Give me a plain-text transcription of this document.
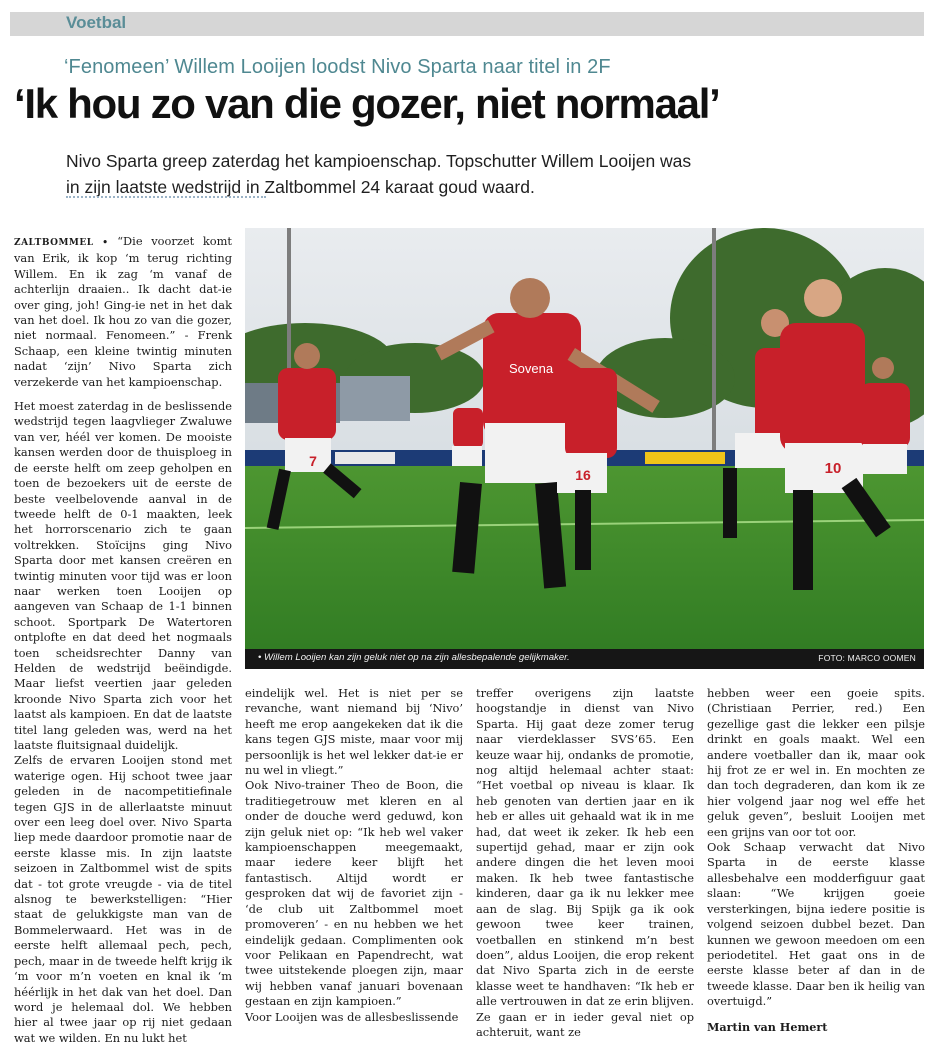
Voetbal
‘Fenomeen’ Willem Looijen loodst Nivo Sparta naar titel in 2F
‘Ik hou zo van die gozer, niet normaal’
Nivo Sparta greep zaterdag het kampioenschap. Topschutter Willem Looijen was in zijn laatste wedstrijd in Zaltbommel 24 karaat goud waard.

ZALTBOMMEL • “Die voorzet komt van Erik, ik kop ‘m terug richting Willem. En ik zag ‘m vanaf de achterlijn draaien.. Ik dacht dat-ie over ging, joh! Ging-ie net in het dak van het doel. Ik hou zo van die gozer, niet normaal. Fenomeen.” - Frenk Schaap, een kleine twintig minuten nadat ‘zijn’ Nivo Sparta zich verzekerde van het kampioenschap.

Het moest zaterdag in de beslissende wedstrijd tegen laagvlieger Zwaluwe van ver, héél ver komen. De mooiste kansen werden door de thuisploeg in de eerste helft om zeep geholpen en toen de bezoekers uit de eerste de beste veelbelovende aanval in de tweede helft de 0-1 maakten, leek het horrorscenario zich te gaan voltrekken. Stoïcijns ging Nivo Sparta door met kansen creëren en twintig minuten voor tijd was er loon naar werken toen Looijen op aangeven van Schaap de 1-1 binnen schoot. Sportpark De Watertoren ontplofte en dat deed het nogmaals toen scheidsrechter Danny van Helden de wedstrijd beëindigde. Maar liefst veertien jaar geleden kroonde Nivo Sparta zich voor het laatst als kampioen. En dat de laatste titel lang geleden was, werd na het laatste fluitsignaal duidelijk.

Zelfs de ervaren Looijen stond met waterige ogen. Hij schoot twee jaar geleden in de nacompetitiefinale tegen GJS in de allerlaatste minuut over een leeg doel over. Nivo Sparta liep mede daardoor promotie naar de eerste klasse mis. In zijn laatste seizoen in Zaltbommel wist de spits dat - tot grote vreugde - via de titel alsnog te bewerkstelligen: “Hier staat de gelukkigste man van de Bommelerwaard. Het was in de eerste helft allemaal pech, pech, pech, maar in de tweede helft krijg ik ‘m voor m’n voeten en knal ik ‘m héérlijk in het dak van het doel. Dan word je helemaal dol. We hebben hier al twee jaar op rij niet gedaan wat we wilden. En nu lukt het

Sovena
7
16	10
• Willem Looijen kan zijn geluk niet op na zijn allesbepalende gelijkmaker.	FOTO: MARCO OOMEN

eindelijk wel. Het is niet per se revanche, want niemand bij ‘Nivo’ heeft me erop aangekeken dat ik die kans tegen GJS miste, maar voor mij persoonlijk is het wel lekker dat-ie er nu wel in vliegt.”

Ook Nivo-trainer Theo de Boon, die traditiegetrouw met kleren en al onder de douche werd geduwd, kon zijn geluk niet op: “Ik heb wel vaker kampioenschappen meegemaakt, maar iedere keer blijft het fantastisch. Altijd wordt er gesproken dat wij de favoriet zijn - ‘de club uit Zaltbommel moet promoveren’ - en nu hebben we het eindelijk gedaan. Complimenten ook voor Pelikaan en Papendrecht, wat twee uitstekende ploegen zijn, maar wij hebben vanaf januari bovenaan gestaan en zijn kampioen.”

Voor Looijen was de allesbeslissende

treffer overigens zijn laatste hoogstandje in dienst van Nivo Sparta. Hij gaat deze zomer terug naar vierdeklasser SVS’65. Een keuze waar hij, ondanks de promotie, nog altijd helemaal achter staat: “Het voetbal op niveau is klaar. Ik heb genoten van dertien jaar en ik heb er alles uit gehaald wat ik in me had, dat weet ik zeker. Ik heb een supertijd gehad, maar er zijn ook andere dingen die het leven mooi maken. Ik heb twee fantastische kinderen, daar ga ik nu lekker mee aan de slag. Bij Spijk ga ik ook gewoon twee keer trainen, voetballen en stinkend m’n best doen”, aldus Looijen, die erop rekent dat Nivo Sparta zich in de eerste klasse weet te handhaven: “Ik heb er alle vertrouwen in dat ze erin blijven. Ze gaan er in ieder geval niet op achteruit, want ze

hebben weer een goeie spits. (Christiaan Perrier, red.) Een gezellige gast die lekker een pilsje drinkt en goals maakt. Wel een andere voetballer dan ik, maar ook hij frot ze er wel in. En mochten ze dan toch degraderen, dan kom ik ze hier volgend jaar nog wel effe het geluk geven”, besluit Looijen met een grijns van oor tot oor.

Ook Schaap verwacht dat Nivo Sparta in de eerste klasse allesbehalve een modderfiguur gaat slaan: “We krijgen goeie versterkingen, bijna iedere positie is volgend seizoen dubbel bezet. Dan kunnen we gewoon meedoen om een periodetitel. Het gaat ons in de eerste klasse beter af dan in de tweede klasse. Daar ben ik heilig van overtuigd.”

Martin van Hemert
